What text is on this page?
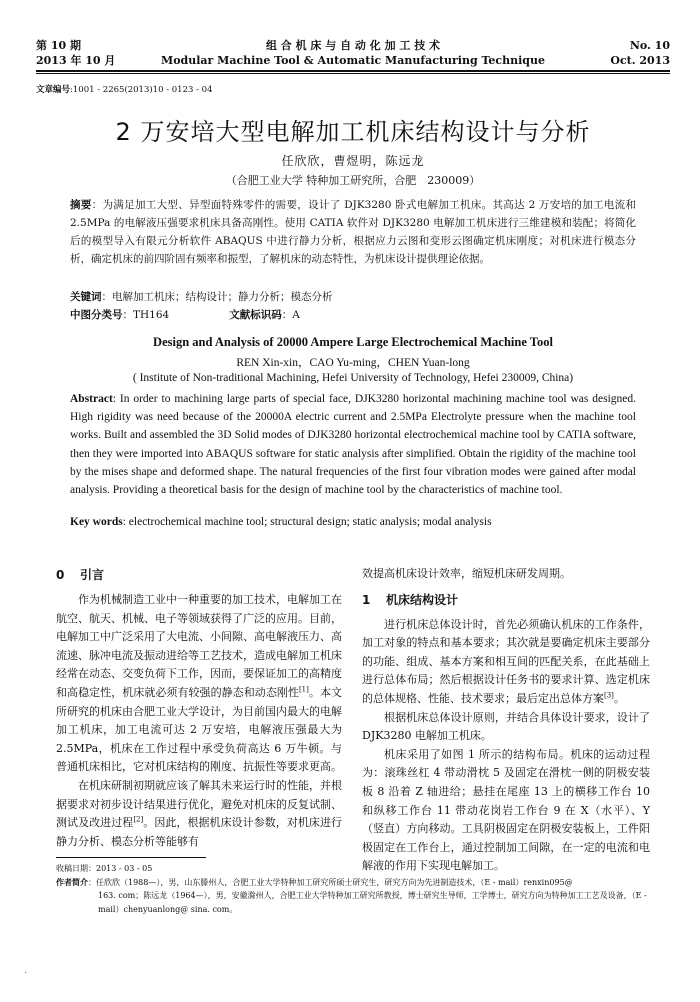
第 10 期
2013 年 10 月
组 合 机 床 与 自 动 化 加 工 技 术
Modular Machine Tool & Automatic Manufacturing Technique
No. 10
Oct. 2013
文章编号:1001 - 2265(2013)10 - 0123 - 04
2 万安培大型电解加工机床结构设计与分析
任欣欣，曹煜明，陈远龙
（合肥工业大学 特种加工研究所，合肥　230009）
摘要：为满足加工大型、异型面特殊零件的需要，设计了 DJK3280 卧式电解加工机床。其高达 2 万安培的加工电流和 2.5MPa 的电解液压强要求机床具备高刚性。使用 CATIA 软件对 DJK3280 电解加工机床进行三维建模和装配；将简化后的模型导入有限元分析软件 ABAQUS 中进行静力分析，根据应力云图和变形云图确定机床刚度；对机床进行模态分析，确定机床的前四阶固有频率和振型，了解机床的动态特性，为机床设计提供理论依据。
关键词：电解加工机床；结构设计；静力分析；模态分析
中图分类号：TH164	文献标识码：A
Design and Analysis of 20000 Ampere Large Electrochemical Machine Tool
REN Xin-xin，CAO Yu-ming，CHEN Yuan-long
( Institute of Non-traditional Machining, Hefei University of Technology, Hefei 230009, China)
Abstract: In order to machining large parts of special face, DJK3280 horizontal machining machine tool was designed. High rigidity was need because of the 20000A electric current and 2.5MPa Electrolyte pressure when the machine tool works. Built and assembled the 3D Solid modes of DJK3280 horizontal electrochemical machine tool by CATIA software, then they were imported into ABAQUS software for static analysis after simplified. Obtain the rigidity of the machine tool by the mises shape and deformed shape. The natural frequencies of the first four vibration modes were gained after modal analysis. Providing a theoretical basis for the design of machine tool by the characteristics of machine tool.
Key words: electrochemical machine tool; structural design; static analysis; modal analysis
0 引言

作为机械制造工业中一种重要的加工技术，电解加工在航空、航天、机械、电子等领域获得了广泛的应用。目前，电解加工中广泛采用了大电流、小间隙、高电解液压力、高流速、脉冲电流及振动进给等工艺技术，造成电解加工机床经常在动态、交变负荷下工作，因而，要保证加工的高精度和高稳定性，机床就必须有较强的静态和动态刚性[1]。本文所研究的机床由合肥工业大学设计，为目前国内最大的电解加工机床，加工电流可达 2 万安培，电解液压强最大为 2.5MPa，机床在工作过程中承受负荷高达 6 万牛顿。与普通机床相比，它对机床结构的刚度、抗振性等要求更高。

在机床研制初期就应该了解其未来运行时的性能，并根据要求对初步设计结果进行优化，避免对机床的反复试制、测试及改进过程[2]。因此，根据机床设计参数，对机床进行静力分析、模态分析等能够有

效提高机床设计效率，缩短机床研发周期。

1 机床结构设计

进行机床总体设计时，首先必须确认机床的工作条件，加工对象的特点和基本要求；其次就是要确定机床主要部分的功能、组成、基本方案和相互间的匹配关系，在此基础上进行总体布局；然后根据设计任务书的要求计算、选定机床的总体规格、性能、技术要求；最后定出总体方案[3]。

根据机床总体设计原则，并结合具体设计要求，设计了 DJK3280 电解加工机床。

机床采用了如图 1 所示的结构布局。机床的运动过程为：滚珠丝杠 4 带动滑枕 5 及固定在滑枕一侧的阴极安装板 8 沿着 Z 轴进给；悬挂在尾座 13 上的横移工作台 10 和纵移工作台 11 带动花岗岩工作台 9 在 X（水平）、Y（竖直）方向移动。工具阴极固定在阴极安装板上，工件阳极固定在工作台上，通过控制加工间隙，在一定的电流和电解液的作用下实现电解加工。

收稿日期：2013 - 03 - 05
作者简介：任欣欣（1988—），男，山东滕州人，合肥工业大学特种加工研究所硕士研究生，研究方向为先进制造技术，（E - mail）renxin095@
163. com；陈远龙（1964—），男，安徽滁州人，合肥工业大学特种加工研究所教授，博士研究生导师，工学博士，研究方向为特种加工工艺及设备，（E - mail）chenyuanlong@ sina. com。
·
